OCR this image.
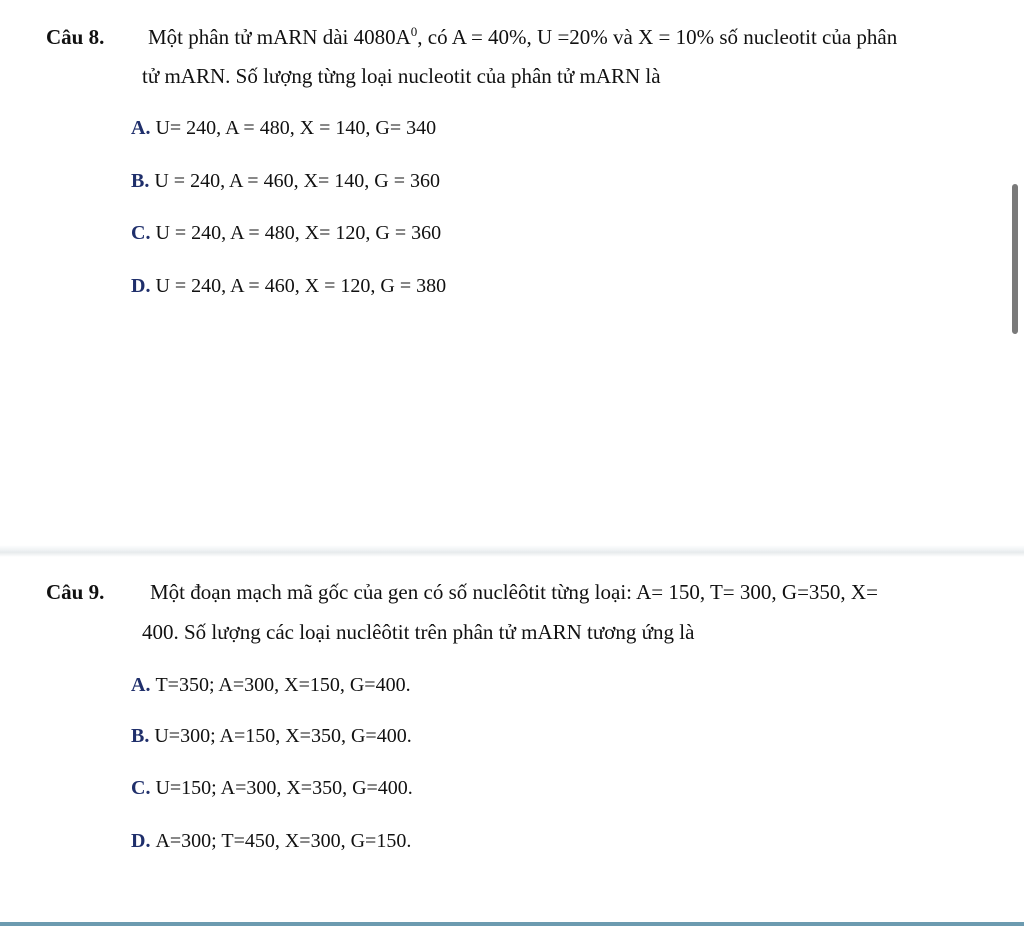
Câu 8. Một phân tử mARN dài $4080A^0$, có A = 40%, U =20% và X = 10% số nucleotit của phân
tử mARN. Số lượng từng loại nucleotit của phân tử mARN là
A. U= 240, A = 480, X = 140, G= 340
B. U = 240, A = 460, X= 140, G = 360
C. U = 240, A = 480, X= 120, G = 360
D. U = 240, A = 460, X = 120, G = 380
Câu 9. Một đoạn mạch mã gốc của gen có số nuclêôtit từng loại: A= 150, T= 300, G=350, X=
400. Số lượng các loại nuclêôtit trên phân tử mARN tương ứng là
A. T=350; A=300, X=150, G=400.
B. U=300; A=150, X=350, G=400.
C. U=150; A=300, X=350, G=400.
D. A=300; T=450, X=300, G=150.
